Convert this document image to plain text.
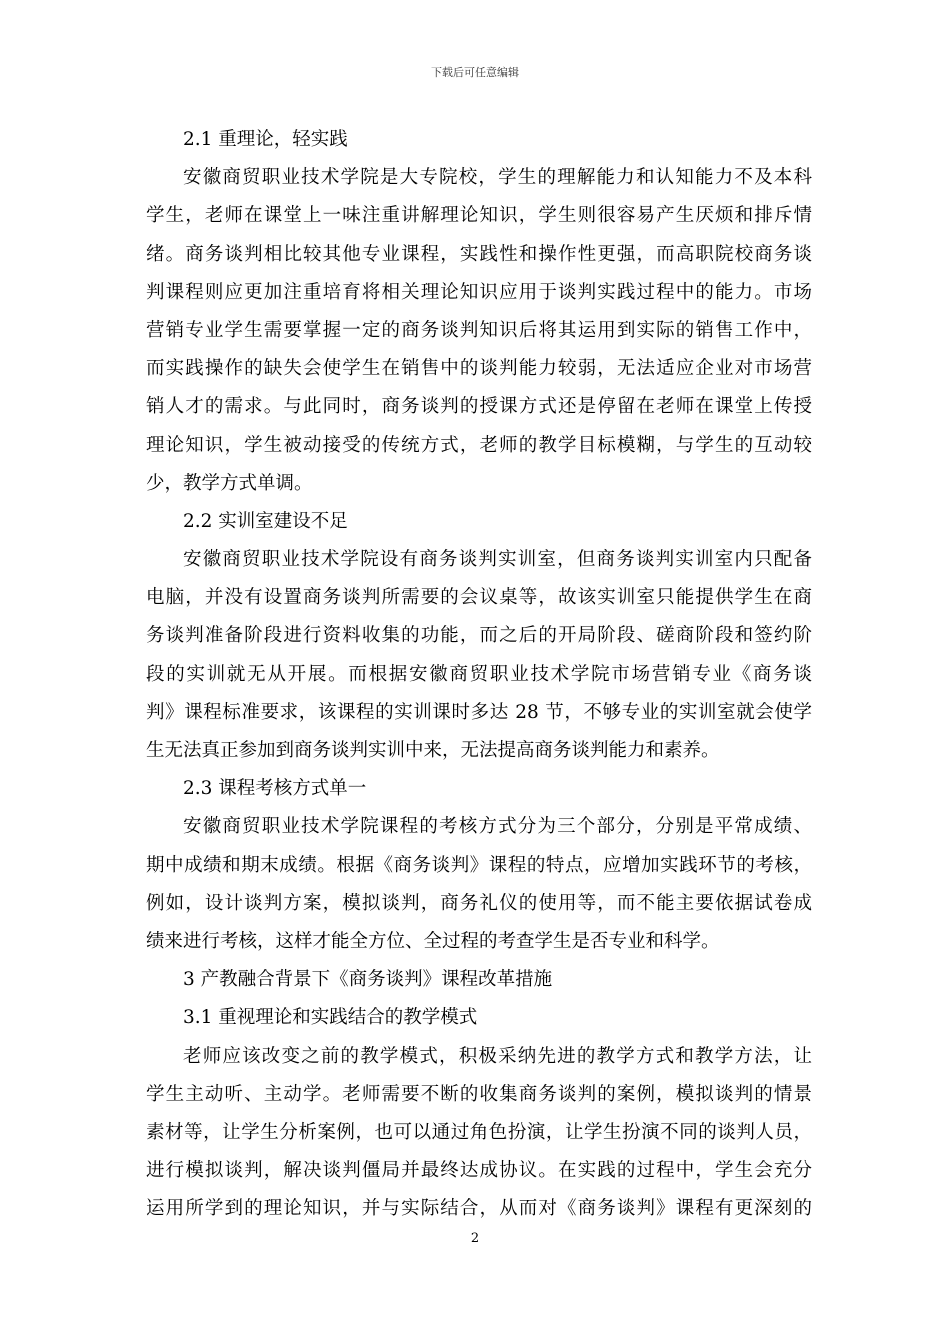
下载后可任意编辑
2.1 重理论，轻实践
安徽商贸职业技术学院是大专院校，学生的理解能力和认知能力不及本科
学生，老师在课堂上一味注重讲解理论知识，学生则很容易产生厌烦和排斥情
绪。商务谈判相比较其他专业课程，实践性和操作性更强，而高职院校商务谈
判课程则应更加注重培育将相关理论知识应用于谈判实践过程中的能力。市场
营销专业学生需要掌握一定的商务谈判知识后将其运用到实际的销售工作中，
而实践操作的缺失会使学生在销售中的谈判能力较弱，无法适应企业对市场营
销人才的需求。与此同时，商务谈判的授课方式还是停留在老师在课堂上传授
理论知识，学生被动接受的传统方式，老师的教学目标模糊，与学生的互动较
少，教学方式单调。
2.2 实训室建设不足
安徽商贸职业技术学院设有商务谈判实训室，但商务谈判实训室内只配备
电脑，并没有设置商务谈判所需要的会议桌等，故该实训室只能提供学生在商
务谈判准备阶段进行资料收集的功能，而之后的开局阶段、磋商阶段和签约阶
段的实训就无从开展。而根据安徽商贸职业技术学院市场营销专业《商务谈
判》课程标准要求，该课程的实训课时多达 28 节，不够专业的实训室就会使学
生无法真正参加到商务谈判实训中来，无法提高商务谈判能力和素养。
2.3 课程考核方式单一
安徽商贸职业技术学院课程的考核方式分为三个部分，分别是平常成绩、
期中成绩和期末成绩。根据《商务谈判》课程的特点，应增加实践环节的考核，
例如，设计谈判方案，模拟谈判，商务礼仪的使用等，而不能主要依据试卷成
绩来进行考核，这样才能全方位、全过程的考查学生是否专业和科学。
3 产教融合背景下《商务谈判》课程改革措施
3.1 重视理论和实践结合的教学模式
老师应该改变之前的教学模式，积极采纳先进的教学方式和教学方法，让
学生主动听、主动学。老师需要不断的收集商务谈判的案例，模拟谈判的情景
素材等，让学生分析案例，也可以通过角色扮演，让学生扮演不同的谈判人员，
进行模拟谈判，解决谈判僵局并最终达成协议。在实践的过程中，学生会充分
运用所学到的理论知识，并与实际结合，从而对《商务谈判》课程有更深刻的
2
